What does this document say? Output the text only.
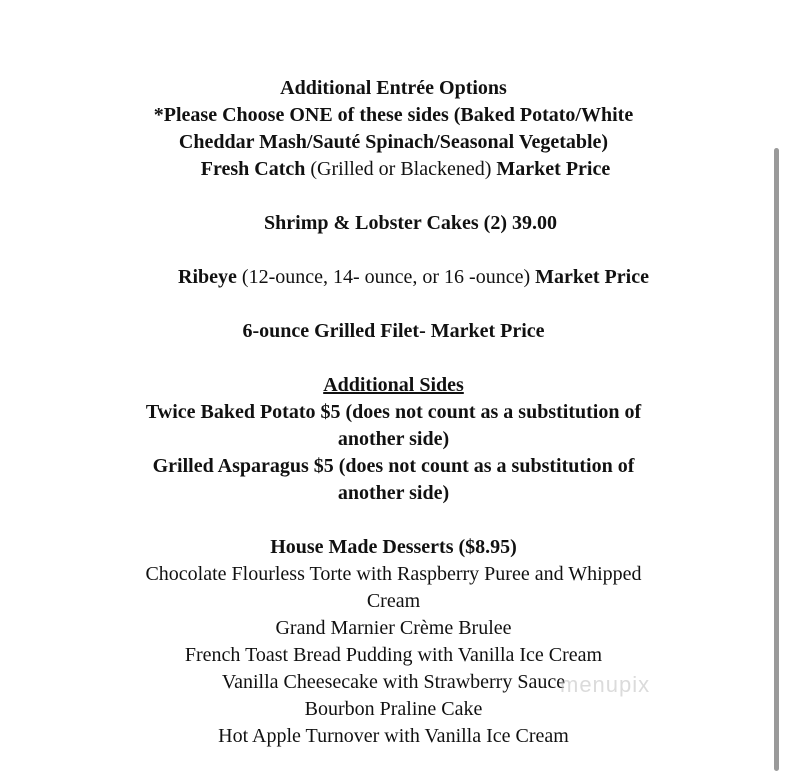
Additional Entrée Options
*Please Choose ONE of these sides (Baked Potato/White
Cheddar Mash/Sauté Spinach/Seasonal Vegetable)
Fresh Catch (Grilled or Blackened) Market Price
Shrimp & Lobster Cakes (2) 39.00
Ribeye (12-ounce, 14- ounce, or 16 -ounce) Market Price
6-ounce Grilled Filet- Market Price
Additional Sides
Twice Baked Potato $5 (does not count as a substitution of
another side)
Grilled Asparagus $5 (does not count as a substitution of
another side)
House Made Desserts ($8.95)
Chocolate Flourless Torte with Raspberry Puree and Whipped
Cream
Grand Marnier Crème Brulee
French Toast Bread Pudding with Vanilla Ice Cream
Vanilla Cheesecake with Strawberry Sauce
Bourbon Praline Cake
Hot Apple Turnover with Vanilla Ice Cream
menupix
